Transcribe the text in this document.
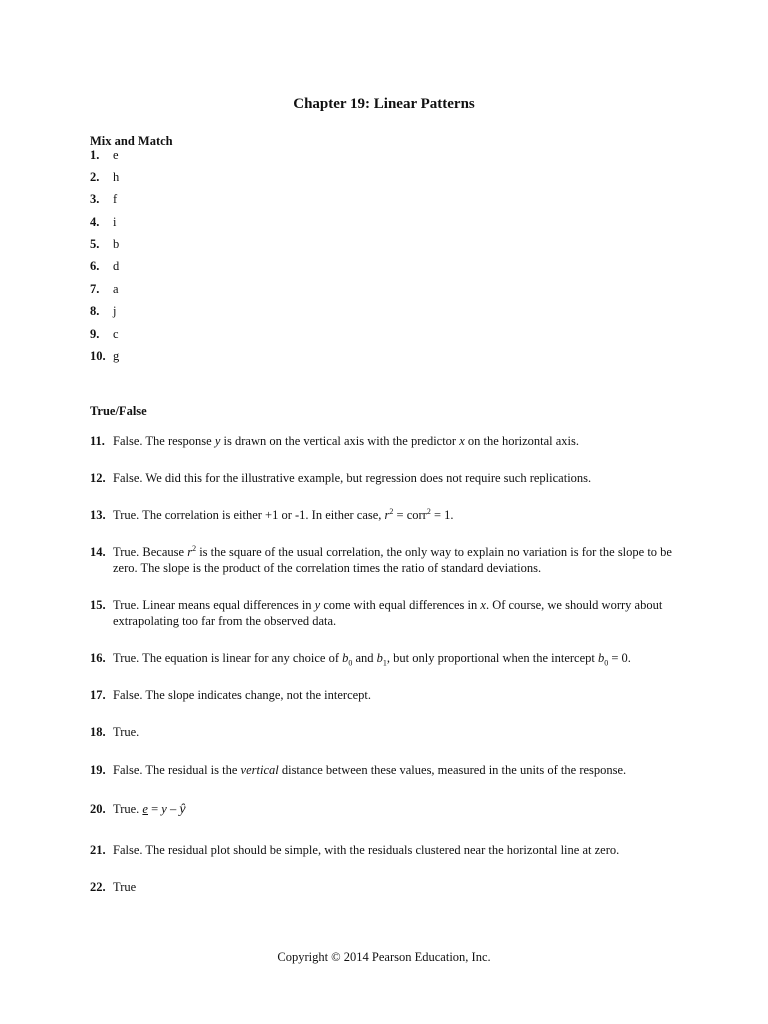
Chapter 19: Linear Patterns
Mix and Match
1.	e
2.	h
3.	f
4.	i
5.	b
6.	d
7.	a
8.	j
9.	c
10. g
True/False
11. False. The response y is drawn on the vertical axis with the predictor x on the horizontal axis.
12. False. We did this for the illustrative example, but regression does not require such replications.
13. True. The correlation is either +1 or -1. In either case, $r^2$ = corr$^2$ = 1.
14. True. Because $r^2$ is the square of the usual correlation, the only way to explain no variation is for the slope to be zero. The slope is the product of the correlation times the ratio of standard deviations.
15. True. Linear means equal differences in y come with equal differences in x. Of course, we should worry about extrapolating too far from the observed data.
16. True. The equation is linear for any choice of $b_0$ and $b_1$, but only proportional when the intercept $b_0 = 0$.
17. False. The slope indicates change, not the intercept.
18. True.
19. False. The residual is the vertical distance between these values, measured in the units of the response.
20. True. e = y – ŷ
21. False. The residual plot should be simple, with the residuals clustered near the horizontal line at zero.
22. True
Copyright © 2014 Pearson Education, Inc.
